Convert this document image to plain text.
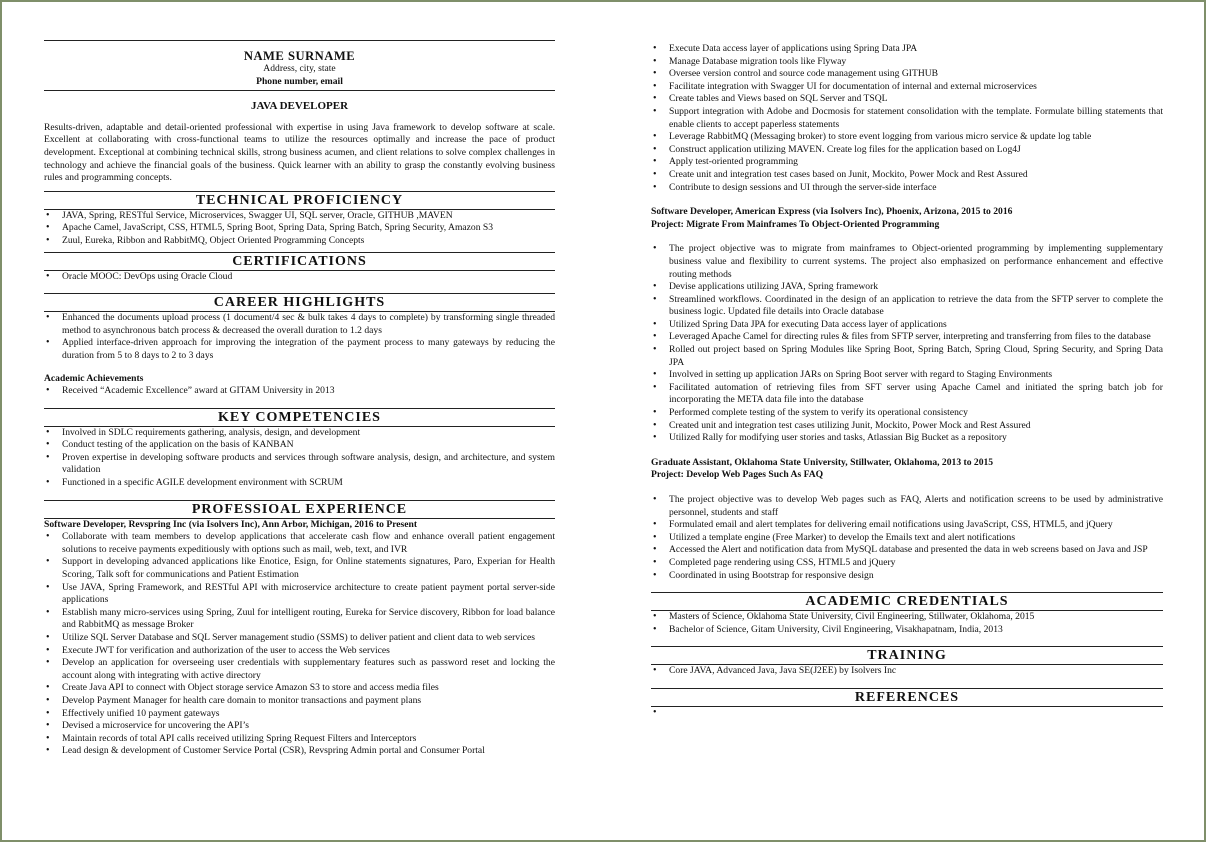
NAME SURNAME
Address, city, state
Phone number, email
JAVA DEVELOPER
Results-driven, adaptable and detail-oriented professional with expertise in using Java framework to develop software at scale. Excellent at collaborating with cross-functional teams to utilize the resources optimally and increase the pace of product development. Exceptional at combining technical skills, strong business acumen, and client relations to solve complex challenges in technology and achieve the financial goals of the business. Quick learner with an ability to grasp the constantly evolving business rules and programming concepts.
TECHNICAL PROFICIENCY
• JAVA, Spring, RESTful Service, Microservices, Swagger UI, SQL server, Oracle, GITHUB ,MAVEN
• Apache Camel, JavaScript, CSS, HTML5, Spring Boot, Spring Data, Spring Batch, Spring Security, Amazon S3
• Zuul, Eureka, Ribbon and RabbitMQ, Object Oriented Programming Concepts
CERTIFICATIONS
• Oracle MOOC: DevOps using Oracle Cloud
CAREER HIGHLIGHTS
• Enhanced the documents upload process (1 document/4 sec & bulk takes 4 days to complete) by transforming single threaded method to asynchronous batch process & decreased the overall duration to 1.2 days
• Applied interface-driven approach for improving the integration of the payment process to many gateways by reducing the duration from 5 to 8 days to 2 to 3 days
Academic Achievements
• Received “Academic Excellence” award at GITAM University in 2013
KEY COMPETENCIES
• Involved in SDLC requirements gathering, analysis, design, and development
• Conduct testing of the application on the basis of KANBAN
• Proven expertise in developing software products and services through software analysis, design, and architecture, and system validation
• Functioned in a specific AGILE development environment with SCRUM
PROFESSIOAL EXPERIENCE
Software Developer, Revspring Inc (via Isolvers Inc), Ann Arbor, Michigan, 2016 to Present
• Collaborate with team members to develop applications that accelerate cash flow and enhance overall patient engagement solutions to receive payments expeditiously with options such as mail, web, text, and IVR
• Support in developing advanced applications like Enotice, Esign, for Online statements signatures, Paro, Experian for Health Scoring, Talk soft for communications and Patient Estimation
• Use JAVA, Spring Framework, and RESTful API with microservice architecture to create patient payment portal server-side applications
• Establish many micro-services using Spring, Zuul for intelligent routing, Eureka for Service discovery, Ribbon for load balance and RabbitMQ as message Broker
• Utilize SQL Server Database and SQL Server management studio (SSMS) to deliver patient and client data to web services
• Execute JWT for verification and authorization of the user to access the Web services
• Develop an application for overseeing user credentials with supplementary features such as password reset and locking the account along with integrating with active directory
• Create Java API to connect with Object storage service Amazon S3 to store and access media files
• Develop Payment Manager for health care domain to monitor transactions and payment plans
• Effectively unified 10 payment gateways
• Devised a microservice for uncovering the API’s
• Maintain records of total API calls received utilizing Spring Request Filters and Interceptors
• Lead design & development of Customer Service Portal (CSR), Revspring Admin portal and Consumer Portal
• Execute Data access layer of applications using Spring Data JPA
• Manage Database migration tools like Flyway
• Oversee version control and source code management using GITHUB
• Facilitate integration with Swagger UI for documentation of internal and external microservices
• Create tables and Views based on SQL Server and TSQL
• Support integration with Adobe and Docmosis for statement consolidation with the template. Formulate billing statements that enable clients to accept paperless statements
• Leverage RabbitMQ (Messaging broker) to store event logging from various micro service & update log table
• Construct application utilizing MAVEN. Create log files for the application based on Log4J
• Apply test-oriented programming
• Create unit and integration test cases based on Junit, Mockito, Power Mock and Rest Assured
• Contribute to design sessions and UI through the server-side interface
Software Developer, American Express (via Isolvers Inc), Phoenix, Arizona, 2015 to 2016
Project: Migrate From Mainframes To Object-Oriented Programming
• The project objective was to migrate from mainframes to Object-oriented programming by implementing supplementary business value and flexibility to current systems. The project also emphasized on performance enhancement and effective routing methods
• Devise applications utilizing JAVA, Spring framework
• Streamlined workflows. Coordinated in the design of an application to retrieve the data from the SFTP server to complete the business logic. Updated file details into Oracle database
• Utilized Spring Data JPA for executing Data access layer of applications
• Leveraged Apache Camel for directing rules & files from SFTP server, interpreting and transferring from files to the database
• Rolled out project based on Spring Modules like Spring Boot, Spring Batch, Spring Cloud, Spring Security, and Spring Data JPA
• Involved in setting up application JARs on Spring Boot server with regard to Staging Environments
• Facilitated automation of retrieving files from SFT server using Apache Camel and initiated the spring batch job for incorporating the META data file into the database
• Performed complete testing of the system to verify its operational consistency
• Created unit and integration test cases utilizing Junit, Mockito, Power Mock and Rest Assured
• Utilized Rally for modifying user stories and tasks, Atlassian Big Bucket as a repository
Graduate Assistant, Oklahoma State University, Stillwater, Oklahoma, 2013 to 2015
Project: Develop Web Pages Such As FAQ
• The project objective was to develop Web pages such as FAQ, Alerts and notification screens to be used by administrative personnel, students and staff
• Formulated email and alert templates for delivering email notifications using JavaScript, CSS, HTML5, and jQuery
• Utilized a template engine (Free Marker) to develop the Emails text and alert notifications
• Accessed the Alert and notification data from MySQL database and presented the data in web screens based on Java and JSP
• Completed page rendering using CSS, HTML5 and jQuery
• Coordinated in using Bootstrap for responsive design
ACADEMIC CREDENTIALS
• Masters of Science, Oklahoma State University, Civil Engineering, Stillwater, Oklahoma, 2015
• Bachelor of Science, Gitam University, Civil Engineering, Visakhapatnam, India, 2013
TRAINING
• Core JAVA, Advanced Java, Java SE(J2EE) by Isolvers Inc
REFERENCES
•
